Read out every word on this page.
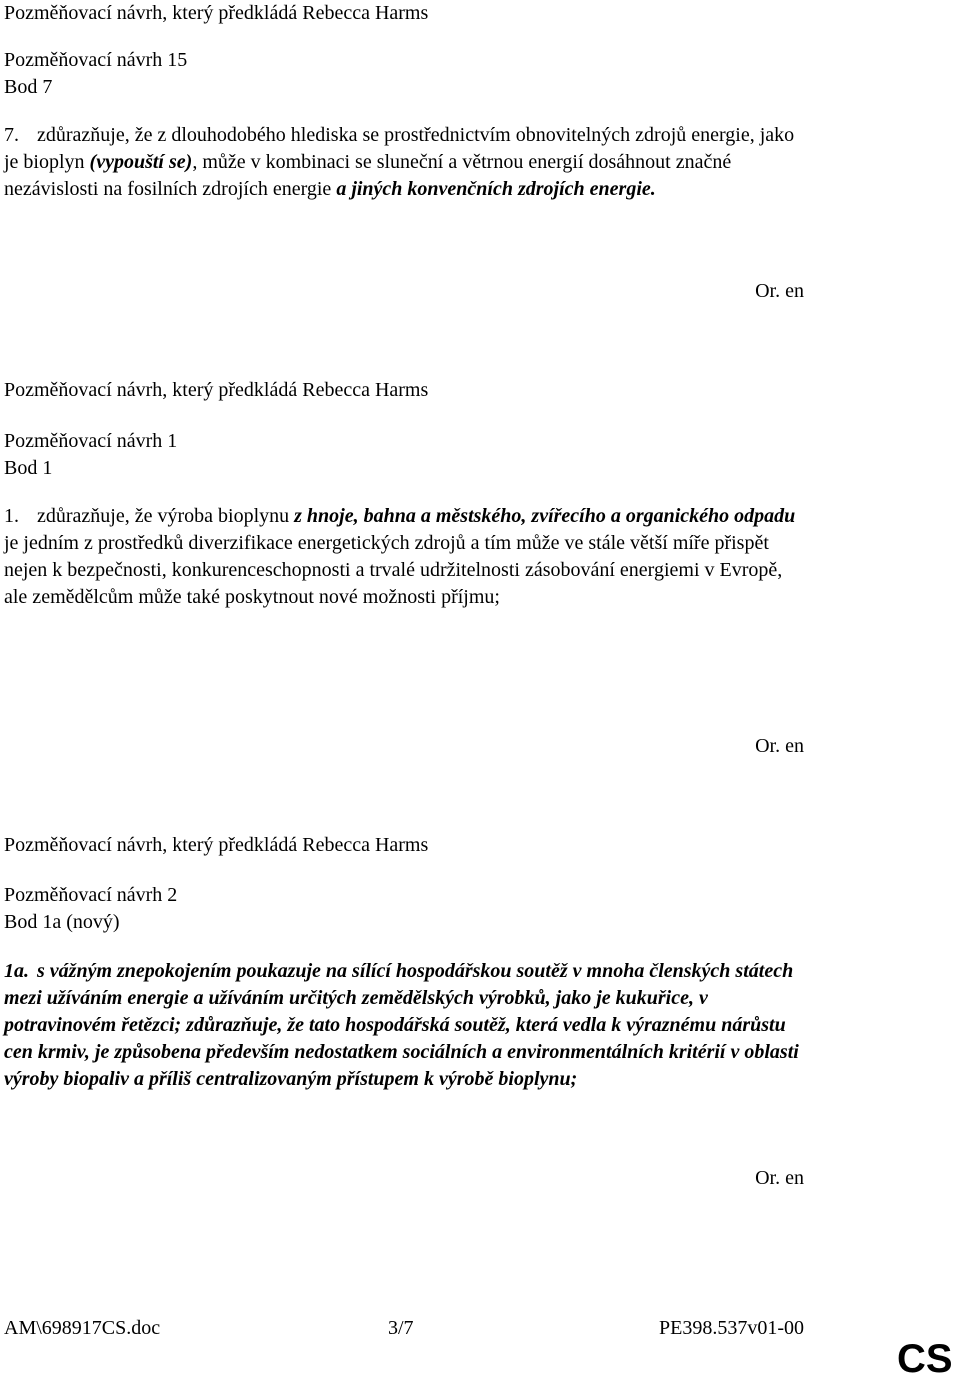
Pozměňovací návrh, který předkládá Rebecca Harms
Pozměňovací návrh 15
Bod 7
7. zdůrazňuje, že z dlouhodobého hlediska se prostřednictvím obnovitelných zdrojů energie, jako je bioplyn (vypouští se), může v kombinaci se sluneční a větrnou energií dosáhnout značné nezávislosti na fosilních zdrojích energie a jiných konvenčních zdrojích energie.
Or. en
Pozměňovací návrh, který předkládá Rebecca Harms
Pozměňovací návrh 1
Bod 1
1. zdůrazňuje, že výroba bioplynu z hnoje, bahna a městského, zvířecího a organického odpadu je jedním z prostředků diverzifikace energetických zdrojů a tím může ve stále větší míře přispět nejen k bezpečnosti, konkurenceschopnosti a trvalé udržitelnosti zásobování energiemi v Evropě, ale zemědělcům může také poskytnout nové možnosti příjmu;
Or. en
Pozměňovací návrh, který předkládá Rebecca Harms
Pozměňovací návrh 2
Bod 1a (nový)
1a. s vážným znepokojením poukazuje na sílící hospodářskou soutěž v mnoha členských státech mezi užíváním energie a užíváním určitých zemědělských výrobků, jako je kukuřice, v potravinovém řetězci; zdůrazňuje, že tato hospodářská soutěž, která vedla k výraznému nárůstu cen krmiv, je způsobena především nedostatkem sociálních a environmentálních kritérií v oblasti výroby biopaliv a příliš centralizovaným přístupem k výrobě bioplynu;
Or. en
AM\698917CS.doc	3/7	PE398.537v01-00
CS
